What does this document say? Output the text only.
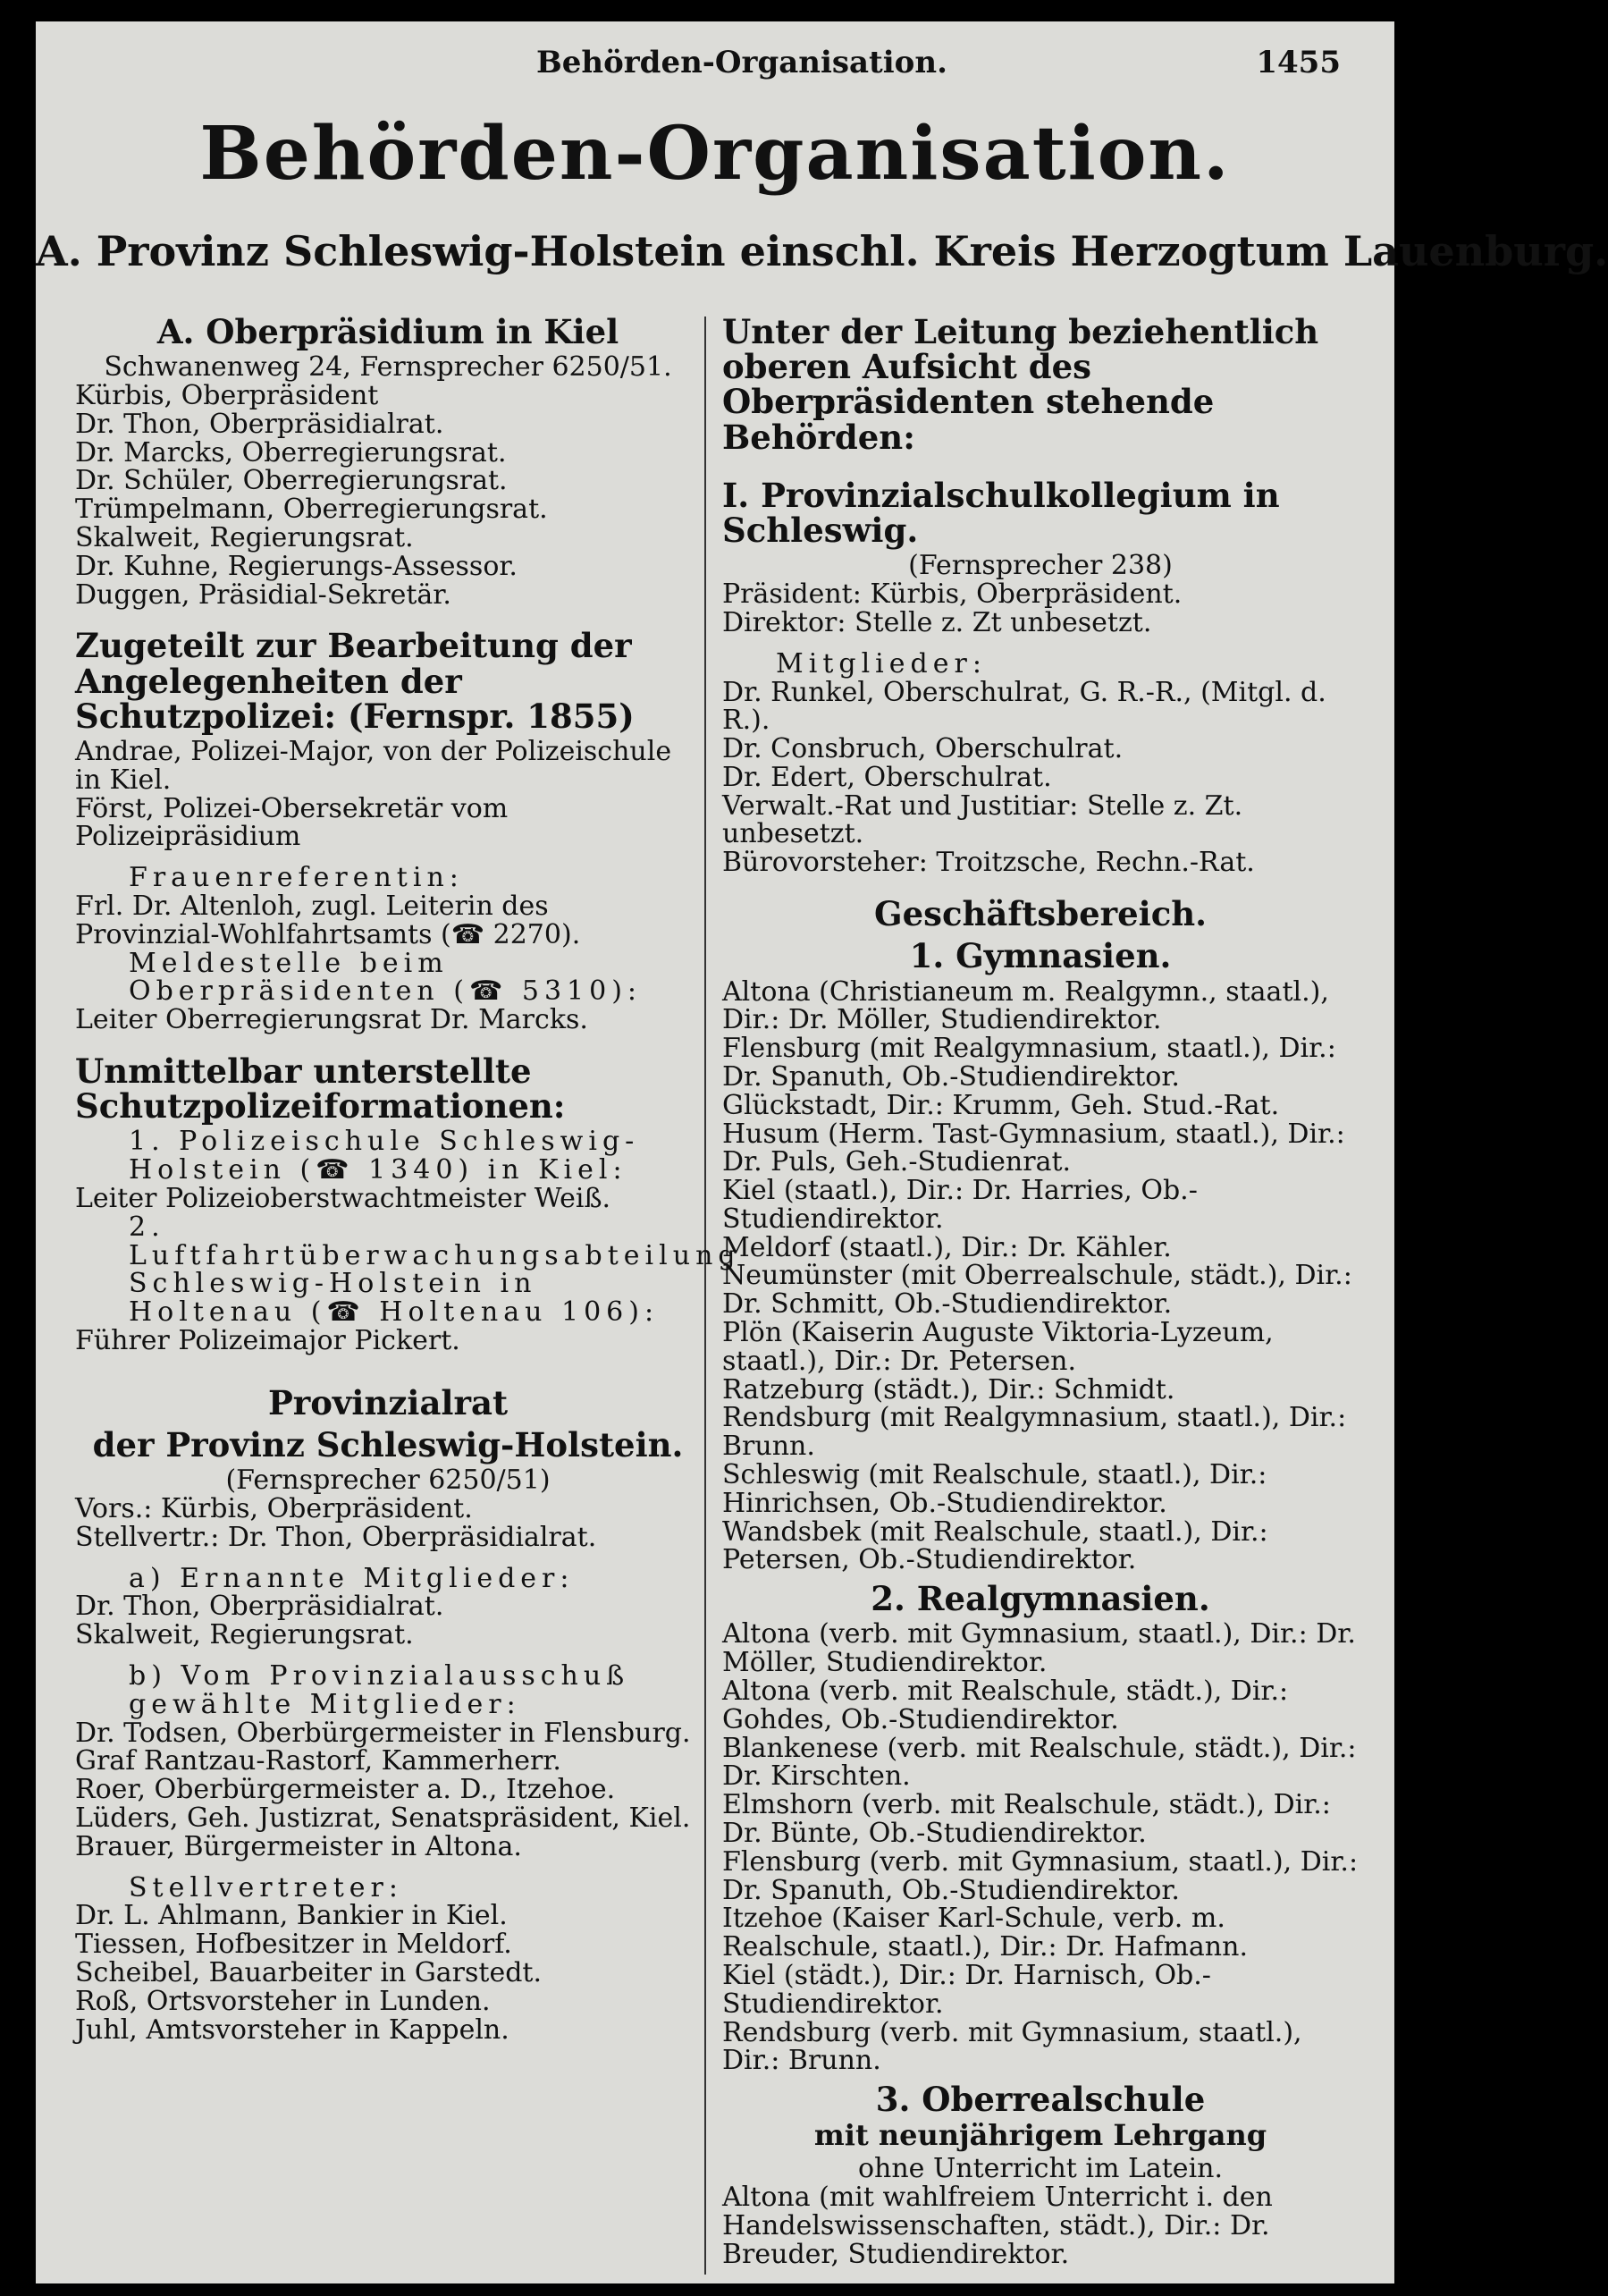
Behörden-Organisation.	1455
Behörden-Organisation.
A. Provinz Schleswig-Holstein einschl. Kreis Herzogtum Lauenburg.
A. Oberpräsidium in Kiel

Schwanenweg 24, Fernsprecher 6250/51.

Kürbis, Oberpräsident

Dr. Thon, Oberpräsidialrat.

Dr. Marcks, Oberregierungsrat.

Dr. Schüler, Oberregierungsrat.

Trümpelmann, Oberregierungsrat.

Skalweit, Regierungsrat.

Dr. Kuhne, Regierungs-Assessor.

Duggen, Präsidial-Sekretär.

Zugeteilt zur Bearbeitung der Angelegenheiten der Schutzpolizei: (Fernspr. 1855)

Andrae, Polizei-Major, von der Polizeischule in Kiel.

Först, Polizei-Obersekretär vom Polizeipräsidium

Frauenreferentin:

Frl. Dr. Altenloh, zugl. Leiterin des Provinzial-Wohlfahrtsamts (☎ 2270).

Meldestelle beim Oberpräsidenten (☎ 5310):

Leiter Oberregierungsrat Dr. Marcks.

Unmittelbar unterstellte Schutzpolizeiformationen:

1. Polizeischule Schleswig-Holstein (☎ 1340) in Kiel:

Leiter Polizeioberstwachtmeister Weiß.

2. Luftfahrtüberwachungsabteilung Schleswig-Holstein in Holtenau (☎ Holtenau 106):

Führer Polizeimajor Pickert.

Provinzialrat
der Provinz Schleswig-Holstein.

(Fernsprecher 6250/51)

Vors.: Kürbis, Oberpräsident.

Stellvertr.: Dr. Thon, Oberpräsidialrat.

a) Ernannte Mitglieder:

Dr. Thon, Oberpräsidialrat.

Skalweit, Regierungsrat.

b) Vom Provinzialausschuß gewählte Mitglieder:

Dr. Todsen, Oberbürgermeister in Flensburg.

Graf Rantzau-Rastorf, Kammerherr.

Roer, Oberbürgermeister a. D., Itzehoe.

Lüders, Geh. Justizrat, Senatspräsident, Kiel.

Brauer, Bürgermeister in Altona.

Stellvertreter:

Dr. L. Ahlmann, Bankier in Kiel.

Tiessen, Hofbesitzer in Meldorf.

Scheibel, Bauarbeiter in Garstedt.

Roß, Ortsvorsteher in Lunden.

Juhl, Amtsvorsteher in Kappeln.

Unter der Leitung beziehentlich oberen Aufsicht des Oberpräsidenten stehende Behörden:
I. Provinzialschulkollegium in Schleswig.

(Fernsprecher 238)

Präsident: Kürbis, Oberpräsident.

Direktor: Stelle z. Zt unbesetzt.

Mitglieder:

Dr. Runkel, Oberschulrat, G. R.-R., (Mitgl. d. R.).

Dr. Consbruch, Oberschulrat.

Dr. Edert, Oberschulrat.

Verwalt.-Rat und Justitiar: Stelle z. Zt. unbesetzt.

Bürovorsteher: Troitzsche, Rechn.-Rat.

Geschäftsbereich.
1. Gymnasien.

Altona (Christianeum m. Realgymn., staatl.), Dir.: Dr. Möller, Studiendirektor.

Flensburg (mit Realgymnasium, staatl.), Dir.: Dr. Spanuth, Ob.-Studiendirektor.

Glückstadt, Dir.: Krumm, Geh. Stud.-Rat.

Husum (Herm. Tast-Gymnasium, staatl.), Dir.: Dr. Puls, Geh.-Studienrat.

Kiel (staatl.), Dir.: Dr. Harries, Ob.-Studiendirektor.

Meldorf (staatl.), Dir.: Dr. Kähler.

Neumünster (mit Oberrealschule, städt.), Dir.: Dr. Schmitt, Ob.-Studiendirektor.

Plön (Kaiserin Auguste Viktoria-Lyzeum, staatl.), Dir.: Dr. Petersen.

Ratzeburg (städt.), Dir.: Schmidt.

Rendsburg (mit Realgymnasium, staatl.), Dir.: Brunn.

Schleswig (mit Realschule, staatl.), Dir.: Hinrichsen, Ob.-Studiendirektor.

Wandsbek (mit Realschule, staatl.), Dir.: Petersen, Ob.-Studiendirektor.

2. Realgymnasien.

Altona (verb. mit Gymnasium, staatl.), Dir.: Dr. Möller, Studiendirektor.

Altona (verb. mit Realschule, städt.), Dir.: Gohdes, Ob.-Studiendirektor.

Blankenese (verb. mit Realschule, städt.), Dir.: Dr. Kirschten.

Elmshorn (verb. mit Realschule, städt.), Dir.: Dr. Bünte, Ob.-Studiendirektor.

Flensburg (verb. mit Gymnasium, staatl.), Dir.: Dr. Spanuth, Ob.-Studiendirektor.

Itzehoe (Kaiser Karl-Schule, verb. m. Realschule, staatl.), Dir.: Dr. Hafmann.

Kiel (städt.), Dir.: Dr. Harnisch, Ob.-Studiendirektor.

Rendsburg (verb. mit Gymnasium, staatl.), Dir.: Brunn.

3. Oberrealschule
mit neunjährigem Lehrgang

ohne Unterricht im Latein.

Altona (mit wahlfreiem Unterricht i. den Handelswissenschaften, städt.), Dir.: Dr. Breuder, Studiendirektor.
